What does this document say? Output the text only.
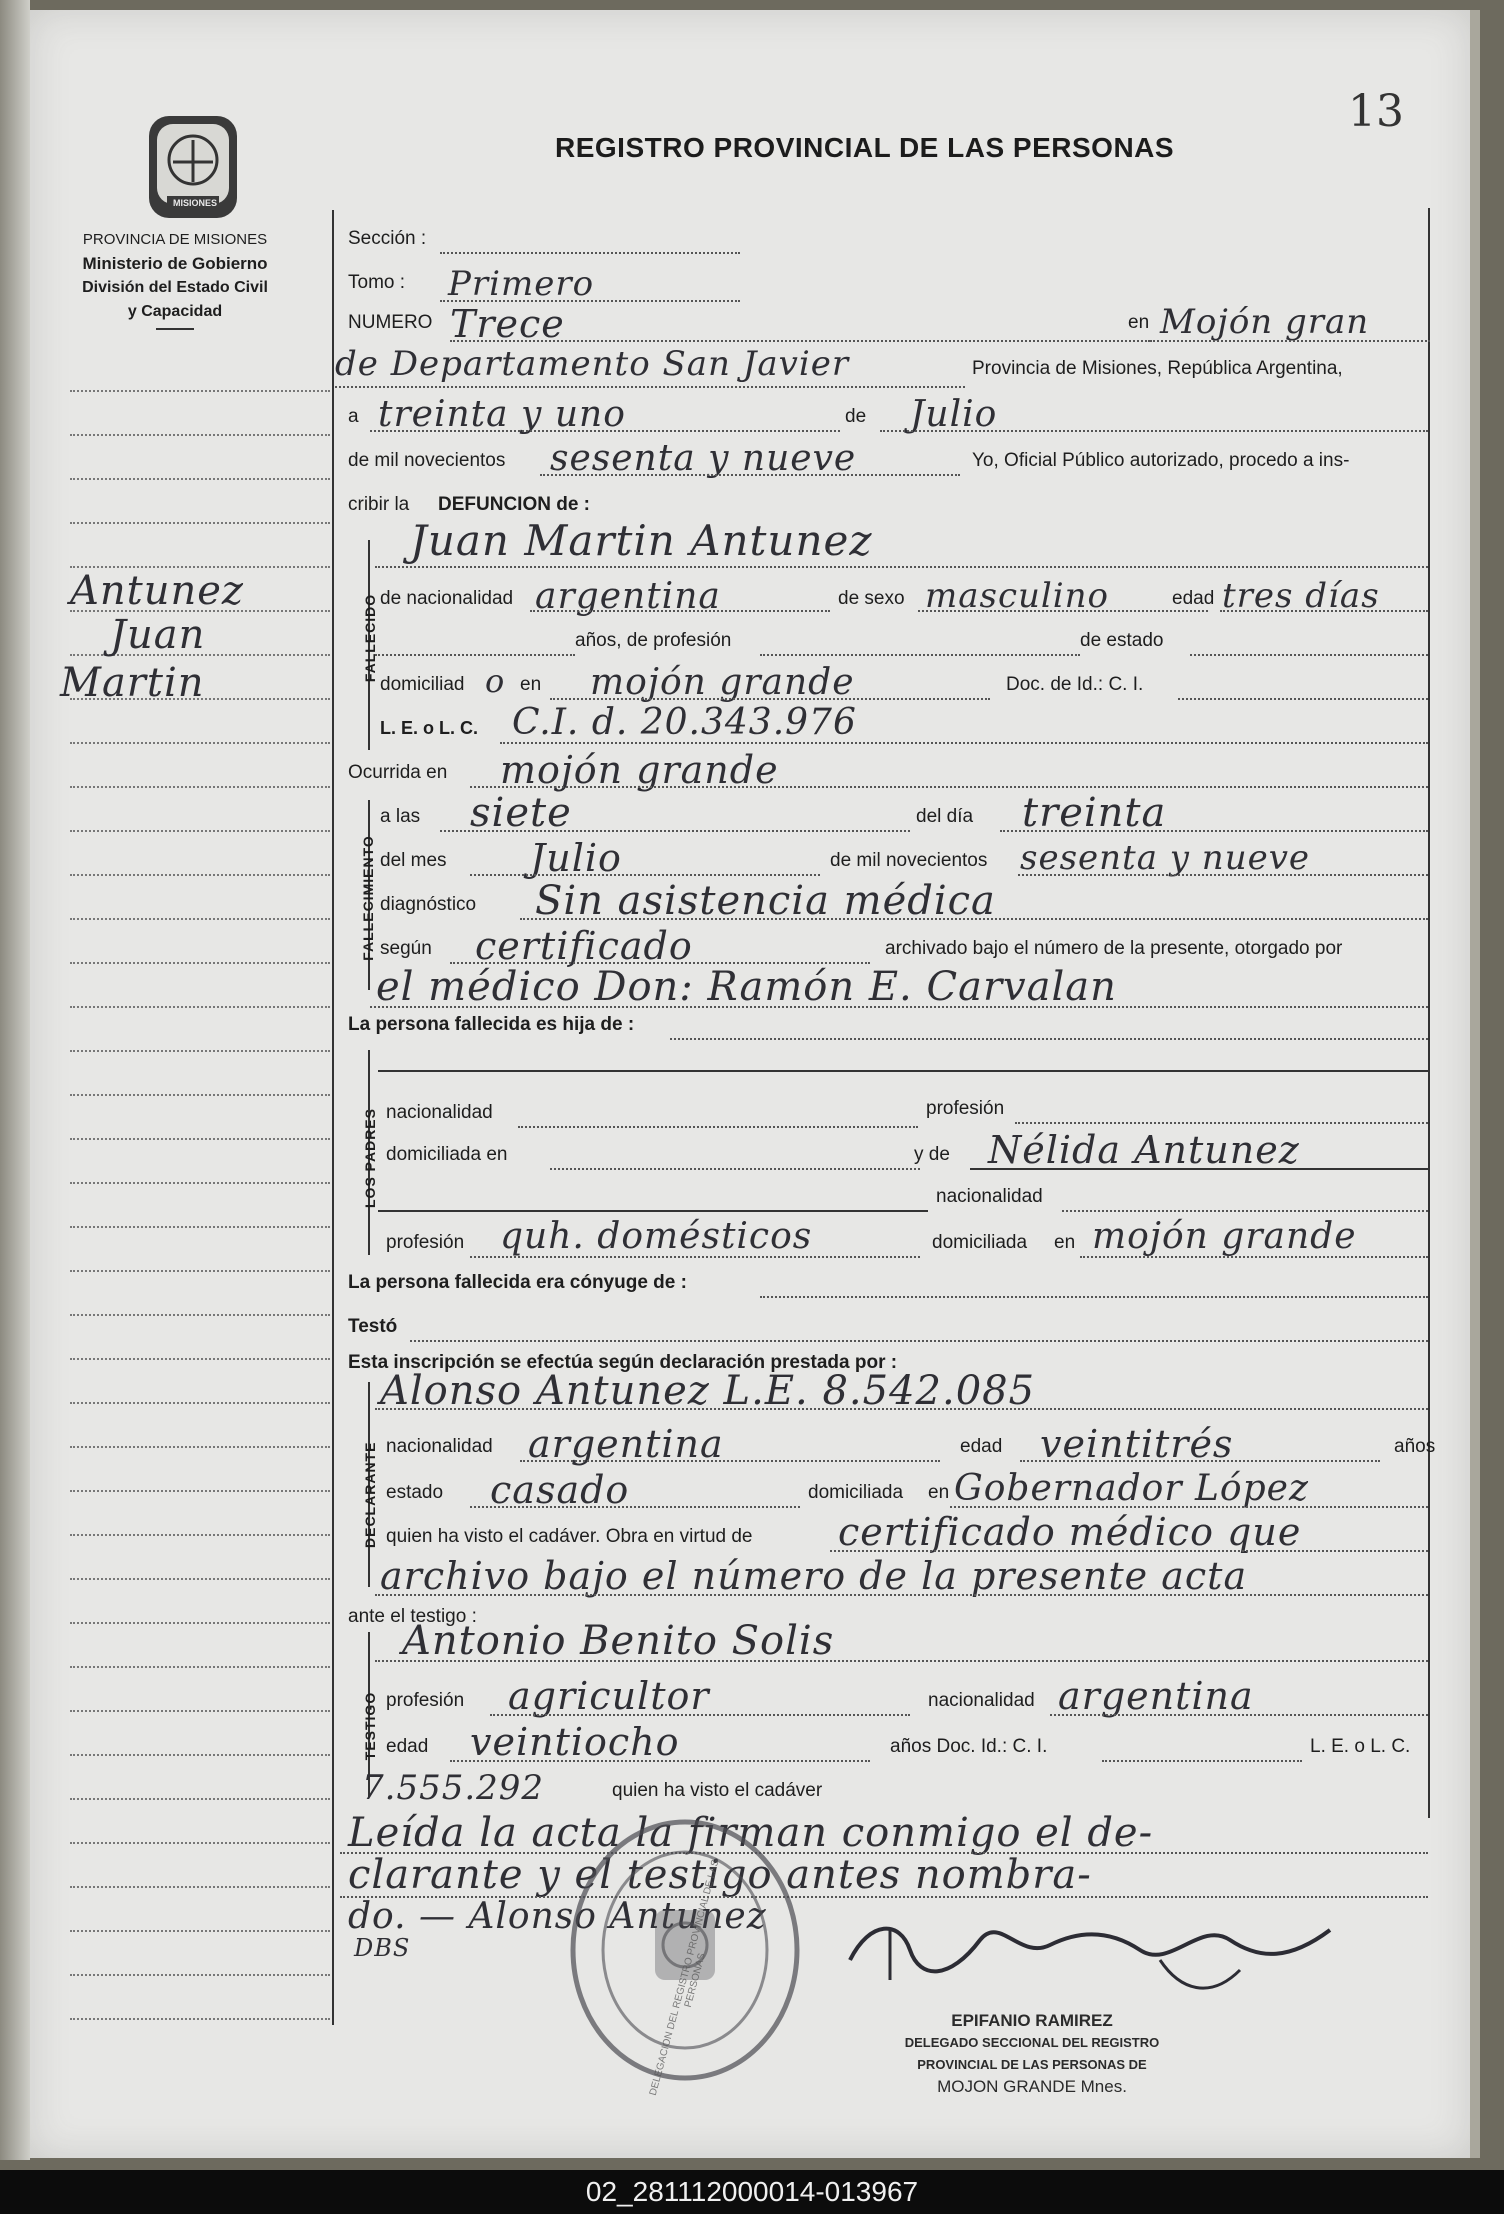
13
REGISTRO PROVINCIAL DE LAS PERSONAS
MISIONES
PROVINCIA DE MISIONES
Ministerio de Gobierno
División del Estado Civil
y Capacidad
Antunez
Juan
Martin
Sección :
Tomo : Primero
NUMERO Trece	en Mojón gran
de Departamento San Javier	Provincia de Misiones, República Argentina,
a treinta y uno	de Julio
de mil novecientos sesenta y nueve	Yo, Oficial Público autorizado, procedo a ins-
cribir la DEFUNCION de :
FALLECIDO
Juan Martin Antunez
de nacionalidad argentina	de sexo masculino	edad tres días
años, de profesión	de estado
domiciliad o en mojón grande	Doc. de Id.: C. I.
L. E. o L. C. C.I. d. 20.343.976
Ocurrida en mojón grande
FALLECIMIENTO
a las siete	del día treinta
del mes Julio	de mil novecientos sesenta y nueve
diagnóstico Sin asistencia médica
según certificado	archivado bajo el número de la presente, otorgado por
el médico Don: Ramón E. Carvalan
La persona fallecida es hija de :
LOS PADRES nacionalidad	profesión
domiciliada en	y de Nélida Antunez
nacionalidad
profesión quh. domésticos	domiciliada en mojón grande
La persona fallecida era cónyuge de :
Testó
Esta inscripción se efectúa según declaración prestada por :
DECLARANTE
Alonso Antunez L.E. 8.542.085
nacionalidad argentina	edad veintitrés	años
estado casado	domiciliada en Gobernador López
quien ha visto el cadáver. Obra en virtud de certificado médico que
archivo bajo el número de la presente acta
ante el testigo :
TESTIGO
Antonio Benito Solis
profesión agricultor	nacionalidad argentina
edad veintiocho	años Doc. Id.: C. I.	L. E. o L. C.
7.555.292	quien ha visto el cadáver
Leída la acta la firman conmigo el de-
clarante y el testigo antes nombra-
do. — Alonso Antunez
DBS	DELEGACION DEL REGISTRO PROVINCIAL DE LAS PERSONAS
EPIFANIO RAMIREZ
DELEGADO SECCIONAL DEL REGISTRO
PROVINCIAL DE LAS PERSONAS DE
MOJON GRANDE Mnes.
02_281112000014-013967
